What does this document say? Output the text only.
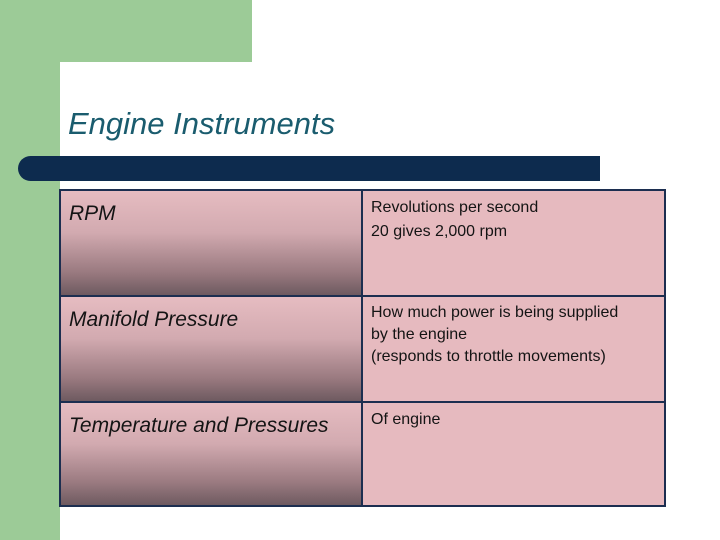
Engine Instruments
RPM	Revolutions per second
20 gives 2,000 rpm
Manifold Pressure	How much power is being supplied
by the engine
(responds to throttle movements)
Temperature and Pressures	Of engine
